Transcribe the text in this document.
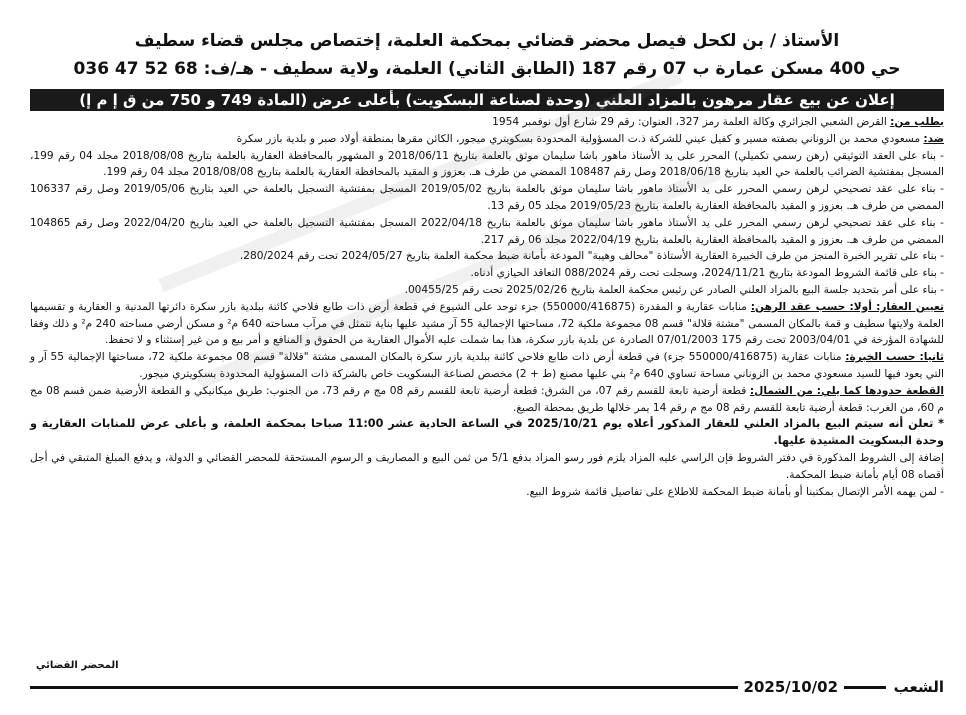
الأستاذ / بن لكحل فيصل محضر قضائي بمحكمة العلمة، إختصاص مجلس قضاء سطيف
حي 400 مسكن عمارة ب 07 رقم 187 (الطابق الثاني) العلمة، ولاية سطيف - هـ/ف: 036 47 52 68
إعلان عن بيع عقار مرهون بالمزاد العلني (وحدة لصناعة البسكويت) بأعلى عرض (المادة 749 و 750 من ق إ م إ)

بطلب من: القرض الشعبي الجزائري وكالة العلمة رمز 327، العنوان: رقم 29 شارع أول نوفمبر 1954

ضد: مسعودي محمد بن الزوناني بصفته مسير و كفيل عيني للشركة ذ.ت المسؤولية المحدودة بسكويتري ميجور، الكائن مقرها بمنطقة أولاد صبر و بلدية بازر سكرة

- بناء على العقد التوثيقي (رهن رسمي تكميلي) المحرر على يد الأستاذ ماهور باشا سليمان موثق بالعلمة بتاريخ 2018/06/11 و المشهور بالمحافظة العقارية بالعلمة بتاريخ 2018/08/08 مجلد 04 رقم 199، المسجل بمفتشية الضرائب بالعلمة حي العيد بتاريخ 2018/06/18 وصل رقم 108487 الممضي من طرف هـ. بعزوز و المقيد بالمحافظة العقارية بالعلمة بتاريخ 2018/08/08 مجلد 04 رقم 199.

- بناء على عقد تصحيحي لرهن رسمي المحرر على يد الأستاذ ماهور باشا سليمان موثق بالعلمة بتاريخ 2019/05/02 المسجل بمفتشية التسجيل بالعلمة حي العيد بتاريخ 2019/05/06 وصل رقم 106337 الممضي من طرف هـ. بعزوز و المقيد بالمحافظة العقارية بالعلمة بتاريخ 2019/05/23 مجلد 05 رقم 13.

- بناء على عقد تصحيحي لرهن رسمي المحرر على يد الأستاذ ماهور باشا سليمان موثق بالعلمة بتاريخ 2022/04/18 المسجل بمفتشية التسجيل بالعلمة حي العيد بتاريخ 2022/04/20 وصل رقم 104865 الممضي من طرف هـ. بعزوز و المقيد بالمحافظة العقارية بالعلمة بتاريخ 2022/04/19 مجلد 06 رقم 217.

- بناء على تقرير الخبرة المنجز من طرف الخبيرة العقارية الأستاذة "محالف وهيبة" المودعة بأمانة ضبط محكمة العلمة بتاريخ 2024/05/27 تحت رقم 280/2024.

- بناء على قائمة الشروط المودعة بتاريخ 2024/11/21، وسجلت تحت رقم 088/2024 التعاقد الحيازي أدناه.

- بناء على أمر بتحديد جلسة البيع بالمزاد العلني الصادر عن رئيس محكمة العلمة بتاريخ 2025/02/26 تحت رقم 00455/25.

تعيين العقار: أولا: حسب عقد الرهن: منابات عقارية و المقدرة (550000/416875) جزء توحد على الشيوع في قطعة أرض ذات طابع فلاحي كائنة ببلدية بازر سكرة دائرتها المدنية و العقارية و تقسيمها العلمة ولايتها سطيف و قمة بالمكان المسمى "مشتة قلالة" قسم 08 مجموعة ملكية 72، مساحتها الإجمالية 55 آر مشيد عليها بناية تتمثل في مرآب مساحته 640 م² و مسكن أرضي مساحته 240 م² و ذلك وفقا للشهادة المؤرخة في 2003/04/01 تحت رقم 175 07/01/2003 الصادرة عن بلدية بازر سكرة، هذا بما شملت عليه الأموال العقارية من الحقوق و المنافع و أمر بيع و من غير إستثناء و لا تحفظ.

ثانيا: حسب الخبرة: منابات عقارية (550000/416875 جزء) في قطعة أرض ذات طابع فلاحي كائنة ببلدية بازر سكرة بالمكان المسمى مشتة "قلالة" قسم 08 مجموعة ملكية 72، مساحتها الإجمالية 55 آر و التي يعود فيها للسيد مسعودي محمد بن الزوناني مساحة تساوي 640 م² بني عليها مصنع (ط + 2) مخصص لصناعة البسكويت خاص بالشركة ذات المسؤولية المحدودة بسكويتري ميجور.

القطعة حدودها كما يلي: من الشمال: قطعة أرضية تابعة للقسم رقم 07، من الشرق: قطعة أرضية تابعة للقسم رقم 08 مج م رقم 73، من الجنوب: طريق ميكانيكي و القطعة الأرضية ضمن قسم 08 مج م 60، من الغرب: قطعة أرضية تابعة للقسم رقم 08 مج م رقم 14 يمر خلالها طريق بمحطة الصيغ.

* تعلن أنه سيتم البيع بالمزاد العلني للعقار المذكور أعلاه يوم 2025/10/21 في الساعة الحادية عشر 11:00 صباحا بمحكمة العلمة، و بأعلى عرض للمنابات العقارية و وحدة البسكويت المشيدة عليها.

إضافة إلى الشروط المذكورة في دفتر الشروط فإن الراسي عليه المزاد يلزم فور رسو المزاد بدفع 5/1 من ثمن البيع و المصاريف و الرسوم المستحقة للمحضر القضائي و الدولة، و يدفع المبلغ المتبقي في أجل أقصاه 08 أيام بأمانة ضبط المحكمة.

- لمن يهمه الأمر الإتصال بمكتبنا أو بأمانة ضبط المحكمة للاطلاع على تفاصيل قائمة شروط البيع.

المحضر القضائي
الشعب
2025/10/02
